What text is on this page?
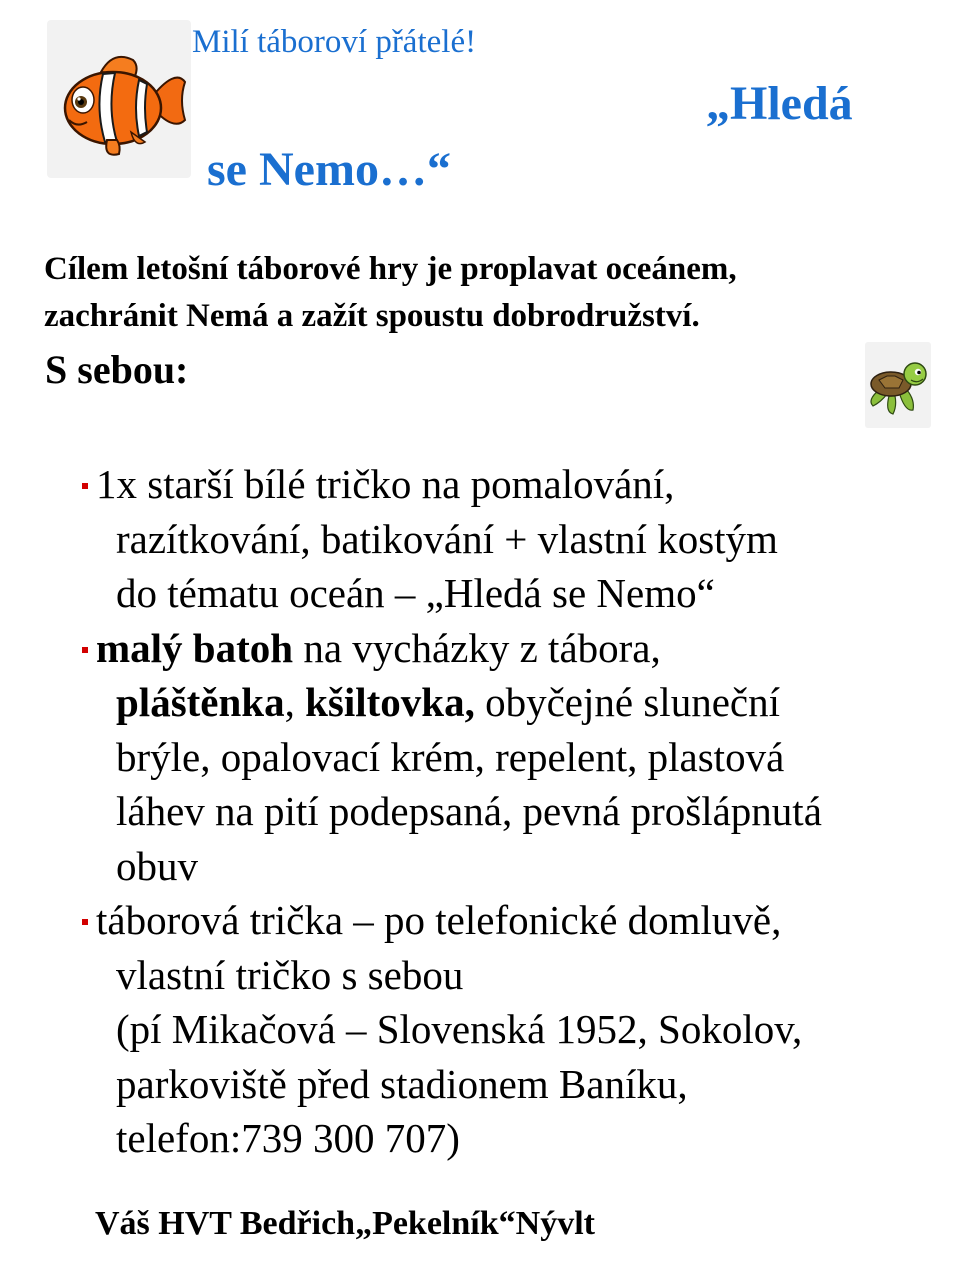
Milí táboroví přátelé!
„Hledá
se Nemo…“
Cílem letošní táborové hry je proplavat oceánem,
zachránit Nemá a zažít spoustu dobrodružství.
S sebou:
1x starší bílé tričko na pomalování,
razítkování, batikování + vlastní kostým
do tématu oceán – „Hledá se Nemo“
malý batoh na vycházky z tábora,
pláštěnka, kšiltovka, obyčejné sluneční
brýle, opalovací krém, repelent, plastová
láhev na pití podepsaná, pevná prošlápnutá
obuv
táborová trička – po telefonické domluvě,
vlastní tričko s sebou
(pí Mikačová – Slovenská 1952, Sokolov,
parkoviště před stadionem Baníku,
telefon:739 300 707)
Váš HVT Bedřich„Pekelník“Nývlt
